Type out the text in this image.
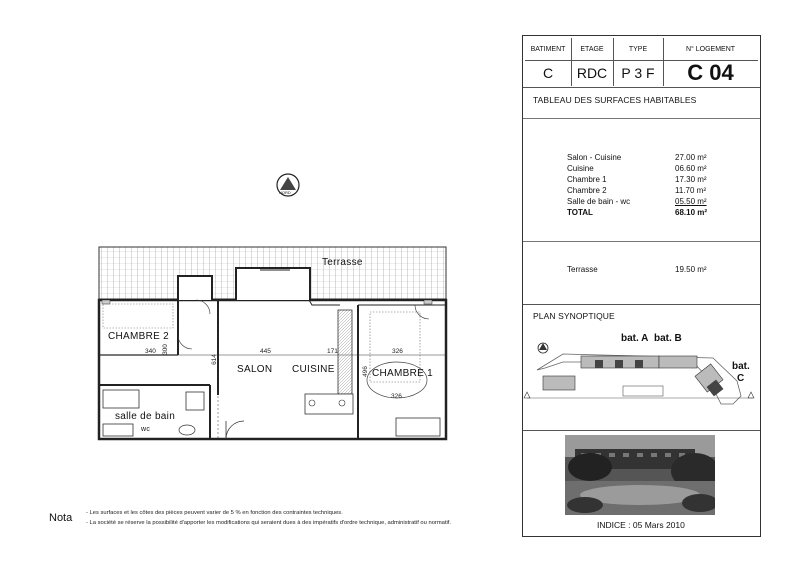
NORD
Terrasse
CHAMBRE 2
SALON CUISINE	CHAMBRE 1
salle de bain
wc
340 300
614
445	171
496
326
326
Nota - Les surfaces et les côtes des pièces peuvent varier de 5 % en fonction des contraintes techniques.
- La société se réserve la possibilité d'apporter les modifications qui seraient dues à des impératifs d'ordre technique, administratif ou normatif.
BATIMENT	ETAGE	TYPE	N° LOGEMENT
C	RDC	P 3 F	C 04
TABLEAU DES SURFACES HABITABLES
Salon - Cuisine	27.00 m²
Cuisine	06.60 m²
Chambre 1	17.30 m²
Chambre 2	11.70 m²
Salle de bain - wc	05.50 m²
TOTAL	68.10 m²
Terrasse	19.50 m²
PLAN SYNOPTIQUE
bat. A bat. B
bat.
C
INDICE : 05 Mars 2010
